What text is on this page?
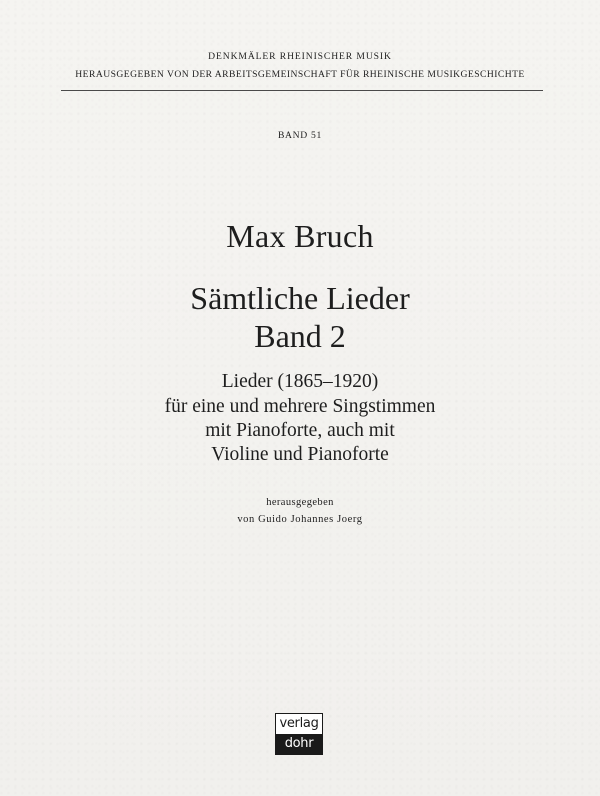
DENKMÄLER RHEINISCHER MUSIK
HERAUSGEGEBEN VON DER ARBEITSGEMEINSCHAFT FÜR RHEINISCHE MUSIKGESCHICHTE
BAND 51
Max Bruch
Sämtliche Lieder
Band 2
Lieder (1865–1920)
für eine und mehrere Singstimmen
mit Pianoforte, auch mit
Violine und Pianoforte
herausgegeben
von Guido Johannes Joerg
verlag
dohr
